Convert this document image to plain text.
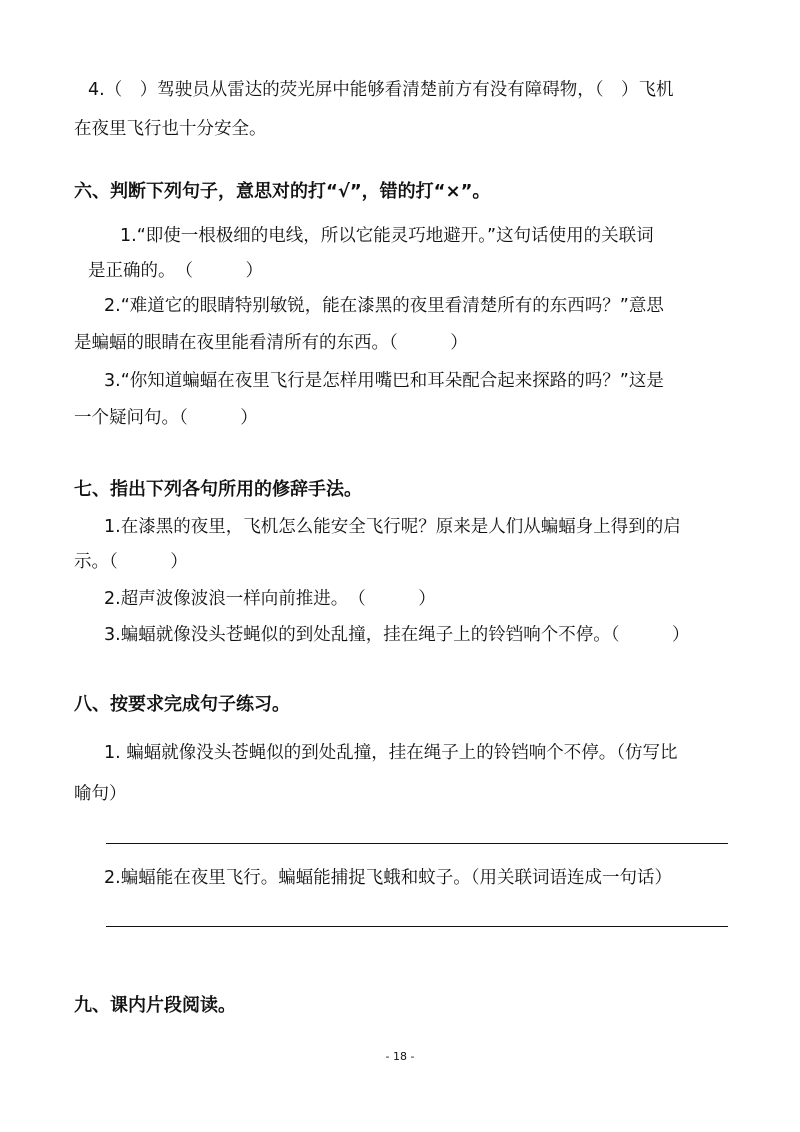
4.（　）驾驶员从雷达的荧光屏中能够看清楚前方有没有障碍物，（　）飞机
在夜里飞行也十分安全。
六、判断下列句子，意思对的打“√”，错的打“×”。
1.“即使一根极细的电线，所以它能灵巧地避开。”这句话使用的关联词
是正确的。　（　　　）
2.“难道它的眼睛特别敏锐，能在漆黑的夜里看清楚所有的东西吗？”意思
是蝙蝠的眼睛在夜里能看清所有的东西。（　　　）
3.“你知道蝙蝠在夜里飞行是怎样用嘴巴和耳朵配合起来探路的吗？”这是
一个疑问句。（　　　）
七、指出下列各句所用的修辞手法。
1.在漆黑的夜里，飞机怎么能安全飞行呢？原来是人们从蝙蝠身上得到的启
示。（　　　）
2.超声波像波浪一样向前推进。　（　　　）
3.蝙蝠就像没头苍蝇似的到处乱撞，挂在绳子上的铃铛响个不停。（　　　）
八、按要求完成句子练习。
1. 蝙蝠就像没头苍蝇似的到处乱撞，挂在绳子上的铃铛响个不停。（仿写比
喻句）
2.蝙蝠能在夜里飞行。蝙蝠能捕捉飞蛾和蚊子。（用关联词语连成一句话）
九、课内片段阅读。
- 18 -
